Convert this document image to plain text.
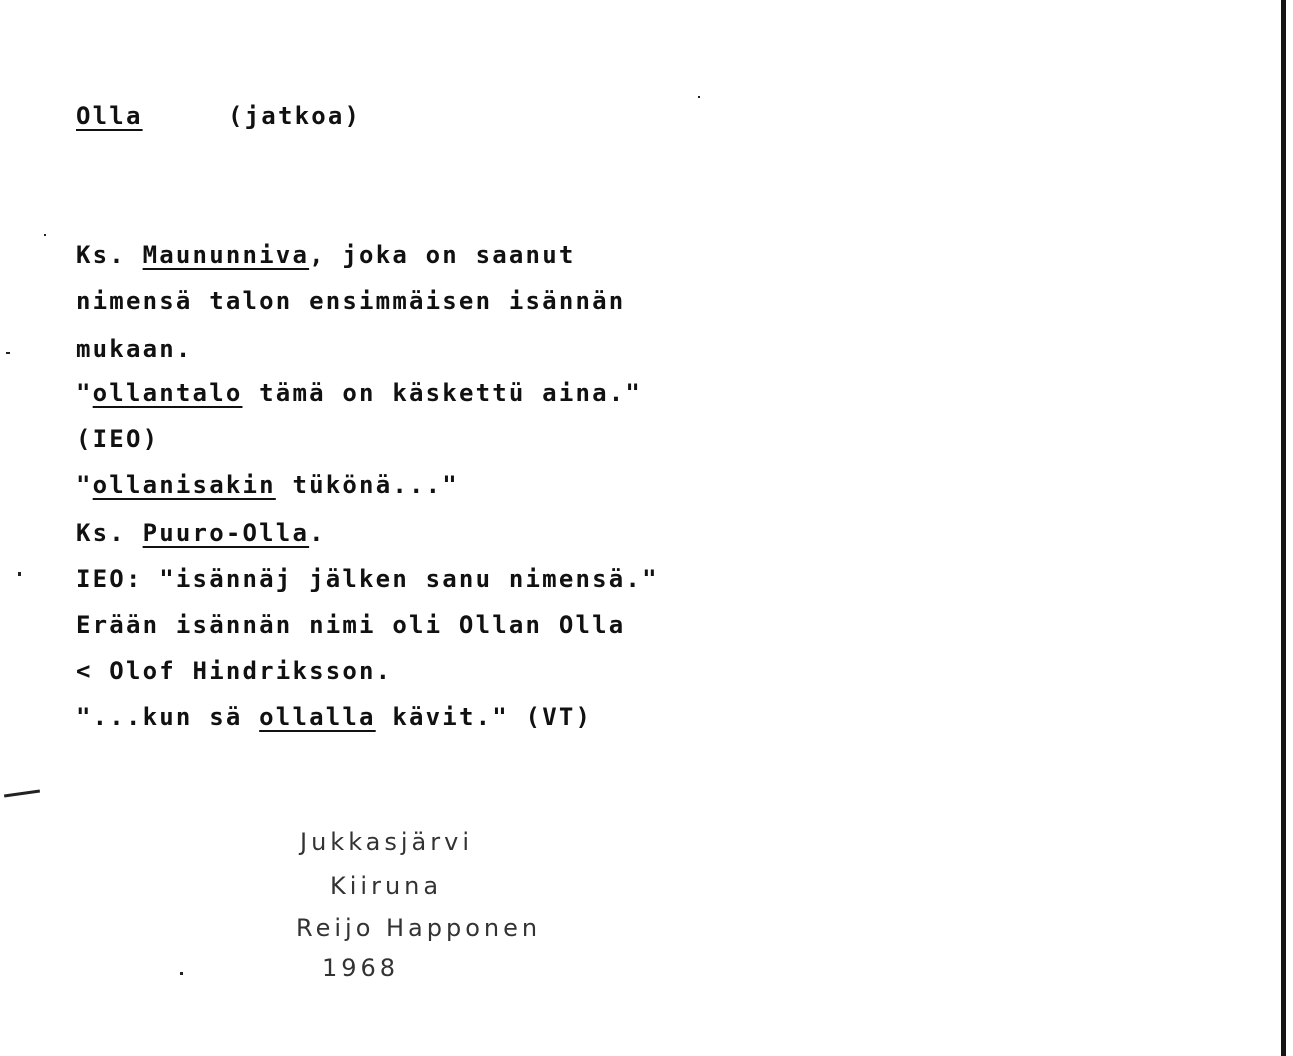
Olla	(jatkoa)
Ks. Maununniva, joka on saanut
nimensä talon ensimmäisen isännän
mukaan.
"ollantalo tämä on käskettü aina."
(IEO)
"ollanisakin tükönä..."
Ks. Puuro-Olla.
IEO: "isännäj jälken sanu nimensä."
Erään isännän nimi oli Ollan Olla
< Olof Hindriksson.
"...kun sä ollalla kävit." (VT)
Jukkasjärvi
Kiiruna
Reijo Happonen
1968
